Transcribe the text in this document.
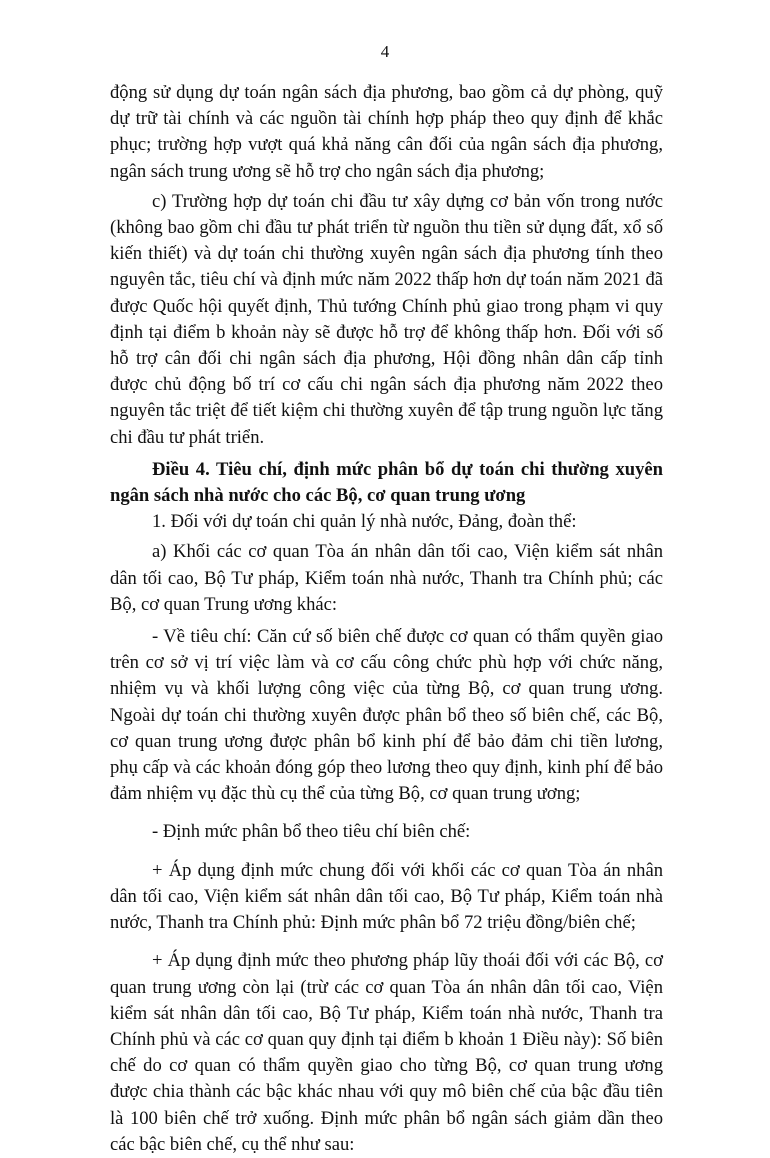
4

động sử dụng dự toán ngân sách địa phương, bao gồm cả dự phòng, quỹ dự trữ tài chính và các nguồn tài chính hợp pháp theo quy định để khắc phục; trường hợp vượt quá khả năng cân đối của ngân sách địa phương, ngân sách trung ương sẽ hỗ trợ cho ngân sách địa phương;

c) Trường hợp dự toán chi đầu tư xây dựng cơ bản vốn trong nước (không bao gồm chi đầu tư phát triển từ nguồn thu tiền sử dụng đất, xổ số kiến thiết) và dự toán chi thường xuyên ngân sách địa phương tính theo nguyên tắc, tiêu chí và định mức năm 2022 thấp hơn dự toán năm 2021 đã được Quốc hội quyết định, Thủ tướng Chính phủ giao trong phạm vi quy định tại điểm b khoản này sẽ được hỗ trợ để không thấp hơn. Đối với số hỗ trợ cân đối chi ngân sách địa phương, Hội đồng nhân dân cấp tỉnh được chủ động bố trí cơ cấu chi ngân sách địa phương năm 2022 theo nguyên tắc triệt để tiết kiệm chi thường xuyên để tập trung nguồn lực tăng chi đầu tư phát triển.

Điều 4. Tiêu chí, định mức phân bổ dự toán chi thường xuyên ngân sách nhà nước cho các Bộ, cơ quan trung ương

1. Đối với dự toán chi quản lý nhà nước, Đảng, đoàn thể:

a) Khối các cơ quan Tòa án nhân dân tối cao, Viện kiểm sát nhân dân tối cao, Bộ Tư pháp, Kiểm toán nhà nước, Thanh tra Chính phủ; các Bộ, cơ quan Trung ương khác:

- Về tiêu chí: Căn cứ số biên chế được cơ quan có thẩm quyền giao trên cơ sở vị trí việc làm và cơ cấu công chức phù hợp với chức năng, nhiệm vụ và khối lượng công việc của từng Bộ, cơ quan trung ương. Ngoài dự toán chi thường xuyên được phân bổ theo số biên chế, các Bộ, cơ quan trung ương được phân bổ kinh phí để bảo đảm chi tiền lương, phụ cấp và các khoản đóng góp theo lương theo quy định, kinh phí để bảo đảm nhiệm vụ đặc thù cụ thể của từng Bộ, cơ quan trung ương;

- Định mức phân bổ theo tiêu chí biên chế:

+ Áp dụng định mức chung đối với khối các cơ quan Tòa án nhân dân tối cao, Viện kiểm sát nhân dân tối cao, Bộ Tư pháp, Kiểm toán nhà nước, Thanh tra Chính phủ: Định mức phân bổ 72 triệu đồng/biên chế;

+ Áp dụng định mức theo phương pháp lũy thoái đối với các Bộ, cơ quan trung ương còn lại (trừ các cơ quan Tòa án nhân dân tối cao, Viện kiểm sát nhân dân tối cao, Bộ Tư pháp, Kiểm toán nhà nước, Thanh tra Chính phủ và các cơ quan quy định tại điểm b khoản 1 Điều này): Số biên chế do cơ quan có thẩm quyền giao cho từng Bộ, cơ quan trung ương được chia thành các bậc khác nhau với quy mô biên chế của bậc đầu tiên là 100 biên chế trở xuống. Định mức phân bổ ngân sách giảm dần theo các bậc biên chế, cụ thể như sau:
